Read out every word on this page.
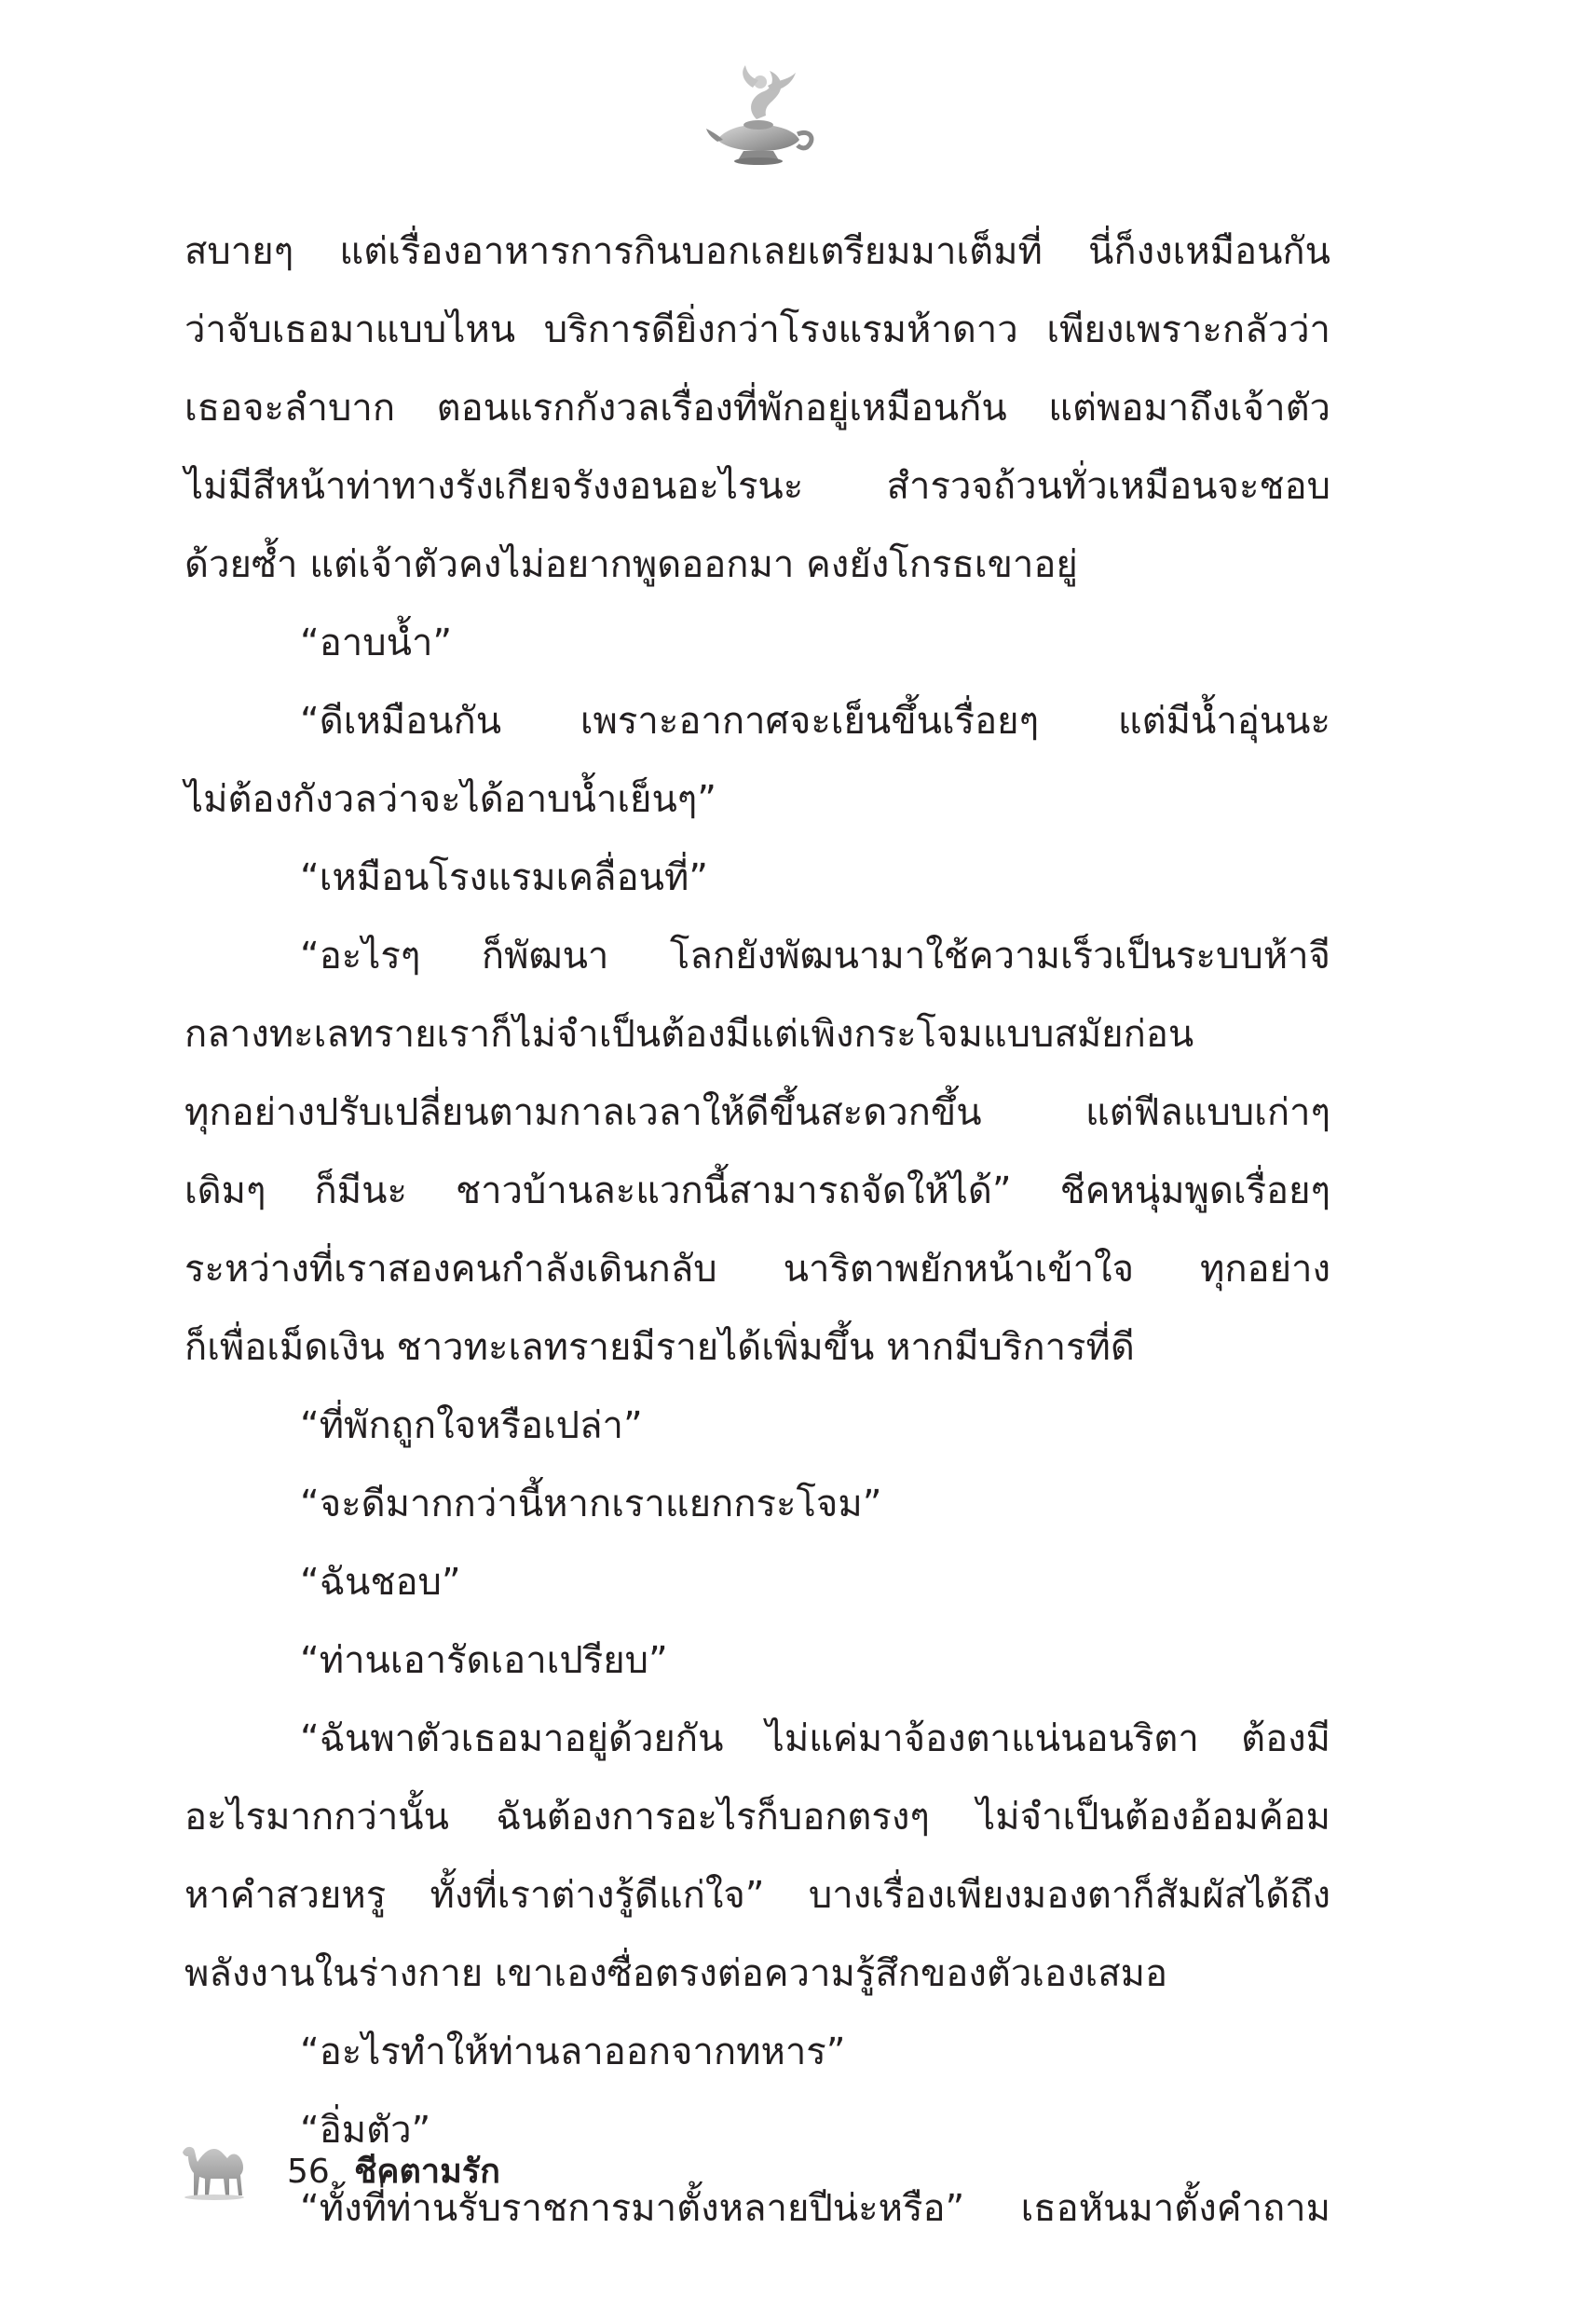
สบายๆ แต่เรื่องอาหารการกินบอกเลยเตรียมมาเต็มที่ นี่ก็งงเหมือนกัน
ว่าจับเธอมาแบบไหน บริการดียิ่งกว่าโรงแรมห้าดาว เพียงเพราะกลัวว่า
เธอจะลำบาก ตอนแรกกังวลเรื่องที่พักอยู่เหมือนกัน แต่พอมาถึงเจ้าตัว
ไม่มีสีหน้าท่าทางรังเกียจรังงอนอะไรนะ สำรวจถ้วนทั่วเหมือนจะชอบ
ด้วยซ้ำ แต่เจ้าตัวคงไม่อยากพูดออกมา คงยังโกรธเขาอยู่
“อาบน้ำ”
“ดีเหมือนกัน เพราะอากาศจะเย็นขึ้นเรื่อยๆ แต่มีน้ำอุ่นนะ
ไม่ต้องกังวลว่าจะได้อาบน้ำเย็นๆ”
“เหมือนโรงแรมเคลื่อนที่”
“อะไรๆ ก็พัฒนา โลกยังพัฒนามาใช้ความเร็วเป็นระบบห้าจี
กลางทะเลทรายเราก็ไม่จำเป็นต้องมีแต่เพิงกระโจมแบบสมัยก่อน
ทุกอย่างปรับเปลี่ยนตามกาลเวลาให้ดีขึ้นสะดวกขึ้น แต่ฟีลแบบเก่าๆ
เดิมๆ ก็มีนะ ชาวบ้านละแวกนี้สามารถจัดให้ได้” ชีคหนุ่มพูดเรื่อยๆ
ระหว่างที่เราสองคนกำลังเดินกลับ นาริตาพยักหน้าเข้าใจ ทุกอย่าง
ก็เพื่อเม็ดเงิน ชาวทะเลทรายมีรายได้เพิ่มขึ้น หากมีบริการที่ดี
“ที่พักถูกใจหรือเปล่า”
“จะดีมากกว่านี้หากเราแยกกระโจม”
“ฉันชอบ”
“ท่านเอารัดเอาเปรียบ”
“ฉันพาตัวเธอมาอยู่ด้วยกัน ไม่แค่มาจ้องตาแน่นอนริตา ต้องมี
อะไรมากกว่านั้น ฉันต้องการอะไรก็บอกตรงๆ ไม่จำเป็นต้องอ้อมค้อม
หาคำสวยหรู ทั้งที่เราต่างรู้ดีแก่ใจ” บางเรื่องเพียงมองตาก็สัมผัสได้ถึง
พลังงานในร่างกาย เขาเองซื่อตรงต่อความรู้สึกของตัวเองเสมอ
“อะไรทำให้ท่านลาออกจากทหาร”
“อิ่มตัว”
“ทั้งที่ท่านรับราชการมาตั้งหลายปีน่ะหรือ” เธอหันมาตั้งคำถาม
56 ชีคตามรัก
